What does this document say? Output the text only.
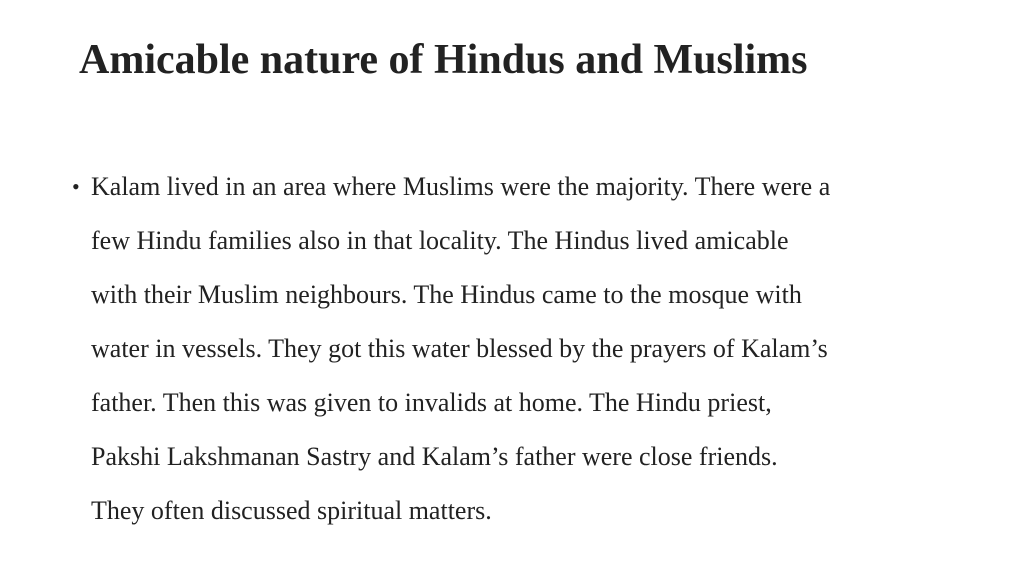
Amicable nature of Hindus and Muslims
• Kalam lived in an area where Muslims were the majority. There were a
few Hindu families also in that locality. The Hindus lived amicable
with their Muslim neighbours. The Hindus came to the mosque with
water in vessels. They got this water blessed by the prayers of Kalam’s
father. Then this was given to invalids at home. The Hindu priest,
Pakshi Lakshmanan Sastry and Kalam’s father were close friends.
They often discussed spiritual matters.
